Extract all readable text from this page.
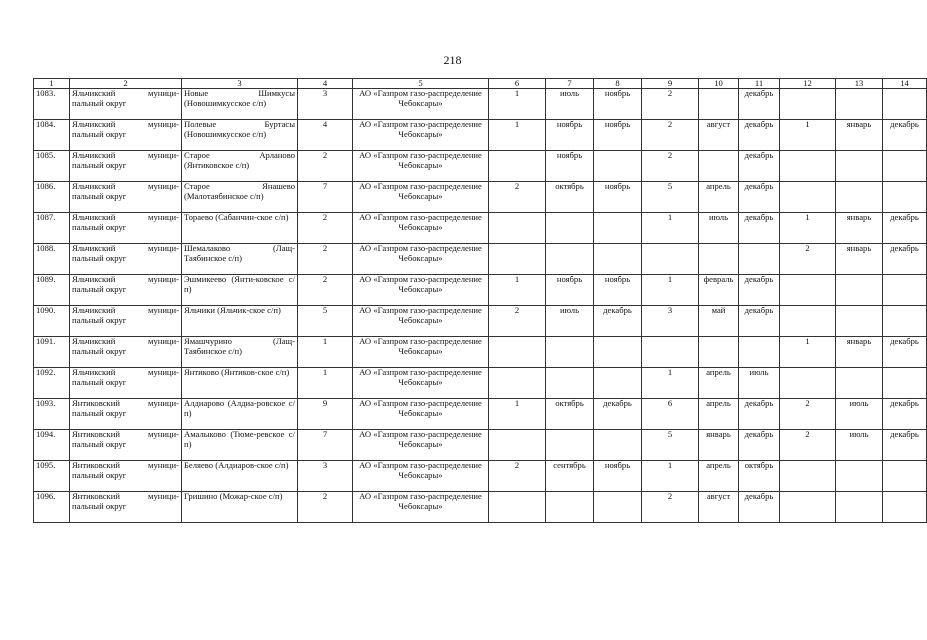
218
1	2	3	4	5	6	7	8	9	10	11	12	13	14
1083.	Яльчикский муници-пальный округ	Новые Шимкусы (Новошимкусское с/п)	3	АО «Газпром газо-распределение Чебоксары»	1	июль	ноябрь	2		декабрь			
1084.	Яльчикский муници-пальный округ	Полевые Буртасы (Новошимкусское с/п)	4	АО «Газпром газо-распределение Чебоксары»	1	ноябрь	ноябрь	2	август	декабрь	1	январь	декабрь
1085.	Яльчикский муници-пальный округ	Старое Арланово (Янтиковское с/п)	2	АО «Газпром газо-распределение Чебоксары»		ноябрь		2		декабрь			
1086.	Яльчикский муници-пальный округ	Старое Янашево (Малотаябинское с/п)	7	АО «Газпром газо-распределение Чебоксары»	2	октябрь	ноябрь	5	апрель	декабрь			
1087.	Яльчикский муници-пальный округ	Тораево (Сабанчин-ское с/п)	2	АО «Газпром газо-распределение Чебоксары»				1	июль	декабрь	1	январь	декабрь
1088.	Яльчикский муници-пальный округ	Шемалаково (Лащ-Таябинское с/п)	2	АО «Газпром газо-распределение Чебоксары»							2	январь	декабрь
1089.	Яльчикский муници-пальный округ	Эшмикеево (Янти-ковское с/п)	2	АО «Газпром газо-распределение Чебоксары»	1	ноябрь	ноябрь	1	февраль	декабрь			
1090.	Яльчикский муници-пальный округ	Яльчики (Яльчик-ское с/п)	5	АО «Газпром газо-распределение Чебоксары»	2	июль	декабрь	3	май	декабрь			
1091.	Яльчикский муници-пальный округ	Ямашчурино (Лащ-Таябинское с/п)	1	АО «Газпром газо-распределение Чебоксары»							1	январь	декабрь
1092.	Яльчикский муници-пальный округ	Янтиково (Янтиков-ское с/п)	1	АО «Газпром газо-распределение Чебоксары»				1	апрель	июль			
1093.	Янтиковский муници-пальный округ	Алдиарово (Алдиа-ровское с/п)	9	АО «Газпром газо-распределение Чебоксары»	1	октябрь	декабрь	6	апрель	декабрь	2	июль	декабрь
1094.	Янтиковский муници-пальный округ	Амалыково (Тюме-ревское с/п)	7	АО «Газпром газо-распределение Чебоксары»				5	январь	декабрь	2	июль	декабрь
1095.	Янтиковский муници-пальный округ	Беляево (Алдиаров-ское с/п)	3	АО «Газпром газо-распределение Чебоксары»	2	сентябрь	ноябрь	1	апрель	октябрь			
1096.	Янтиковский муници-пальный округ	Гришино (Можар-ское с/п)	2	АО «Газпром газо-распределение Чебоксары»				2	август	декабрь			
